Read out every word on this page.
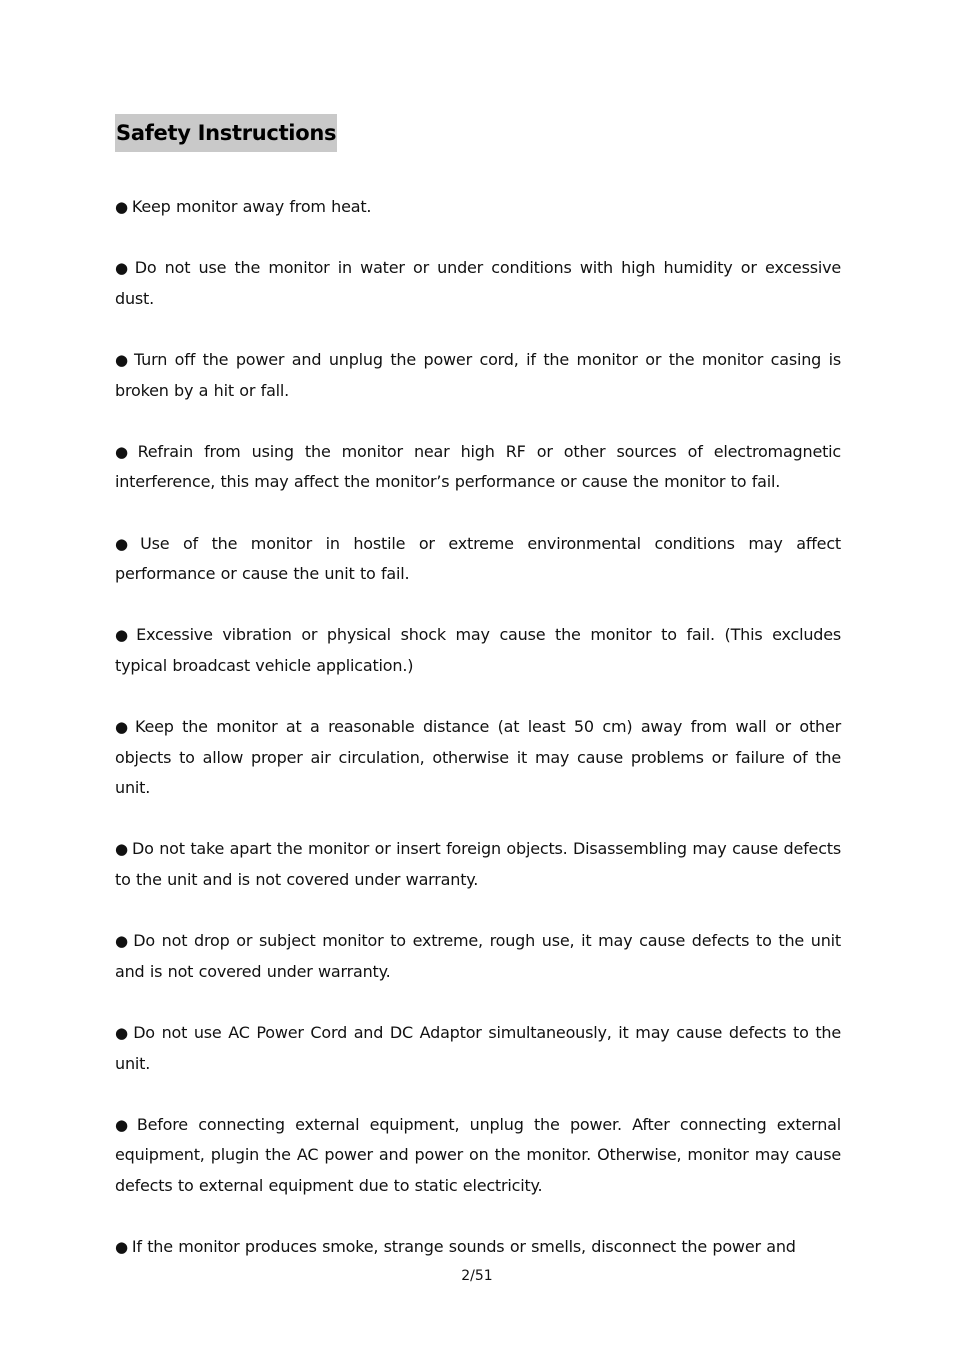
Safety Instructions
● Keep monitor away from heat.
● Do not use the monitor in water or under conditions with high humidity or excessive dust.
● Turn off the power and unplug the power cord, if the monitor or the monitor casing is broken by a hit or fall.
● Refrain from using the monitor near high RF or other sources of electromagnetic interference, this may affect the monitor’s performance or cause the monitor to fail.
● Use of the monitor in hostile or extreme environmental conditions may affect performance or cause the unit to fail.
● Excessive vibration or physical shock may cause the monitor to fail. (This excludes typical broadcast vehicle application.)
● Keep the monitor at a reasonable distance (at least 50 cm) away from wall or other objects to allow proper air circulation, otherwise it may cause problems or failure of the unit.
● Do not take apart the monitor or insert foreign objects. Disassembling may cause defects to the unit and is not covered under warranty.
● Do not drop or subject monitor to extreme, rough use, it may cause defects to the unit and is not covered under warranty.
● Do not use AC Power Cord and DC Adaptor simultaneously, it may cause defects to the unit.
● Before connecting external equipment, unplug the power. After connecting external equipment, plugin the AC power and power on the monitor. Otherwise, monitor may cause defects to external equipment due to static electricity.
● If the monitor produces smoke, strange sounds or smells, disconnect the power and
2/51
